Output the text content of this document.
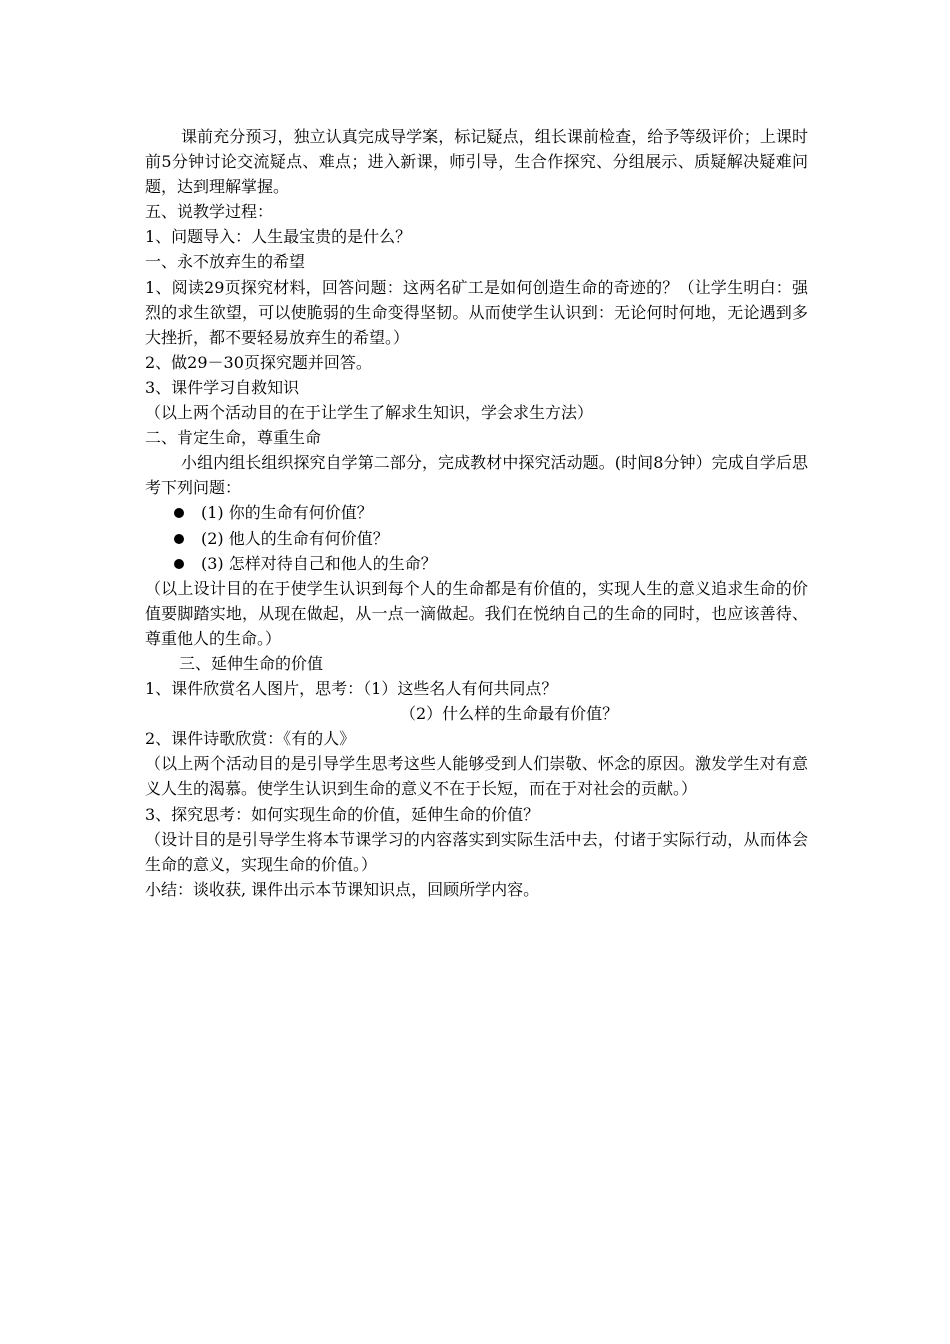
课前充分预习，独立认真完成导学案，标记疑点，组长课前检查，给予等级评价；上课时前5分钟讨论交流疑点、难点；进入新课，师引导，生合作探究、分组展示、质疑解决疑难问题，达到理解掌握。

五、说教学过程：

1、问题导入：人生最宝贵的是什么？

一、永不放弃生的希望

1、阅读29页探究材料，回答问题：这两名矿工是如何创造生命的奇迹的？（让学生明白：强烈的求生欲望，可以使脆弱的生命变得坚韧。从而使学生认识到：无论何时何地，无论遇到多大挫折，都不要轻易放弃生的希望。）

2、做29－30页探究题并回答。

3、课件学习自救知识

（以上两个活动目的在于让学生了解求生知识，学会求生方法）

二、肯定生命，尊重生命

小组内组长组织探究自学第二部分，完成教材中探究活动题。(时间8分钟）完成自学后思考下列问题：

(1) 你的生命有何价值？
(2) 他人的生命有何价值？
(3) 怎样对待自己和他人的生命？

（以上设计目的在于使学生认识到每个人的生命都是有价值的，实现人生的意义追求生命的价值要脚踏实地，从现在做起，从一点一滴做起。我们在悦纳自己的生命的同时，也应该善待、尊重他人的生命。）

三、延伸生命的价值

1、课件欣赏名人图片，思考：（1）这些名人有何共同点？

（2）什么样的生命最有价值？

2、课件诗歌欣赏：《有的人》

（以上两个活动目的是引导学生思考这些人能够受到人们崇敬、怀念的原因。激发学生对有意义人生的渴慕。使学生认识到生命的意义不在于长短，而在于对社会的贡献。）

3、探究思考：如何实现生命的价值，延伸生命的价值？

（设计目的是引导学生将本节课学习的内容落实到实际生活中去，付诸于实际行动，从而体会生命的意义，实现生命的价值。）

小结：谈收获, 课件出示本节课知识点，回顾所学内容。
